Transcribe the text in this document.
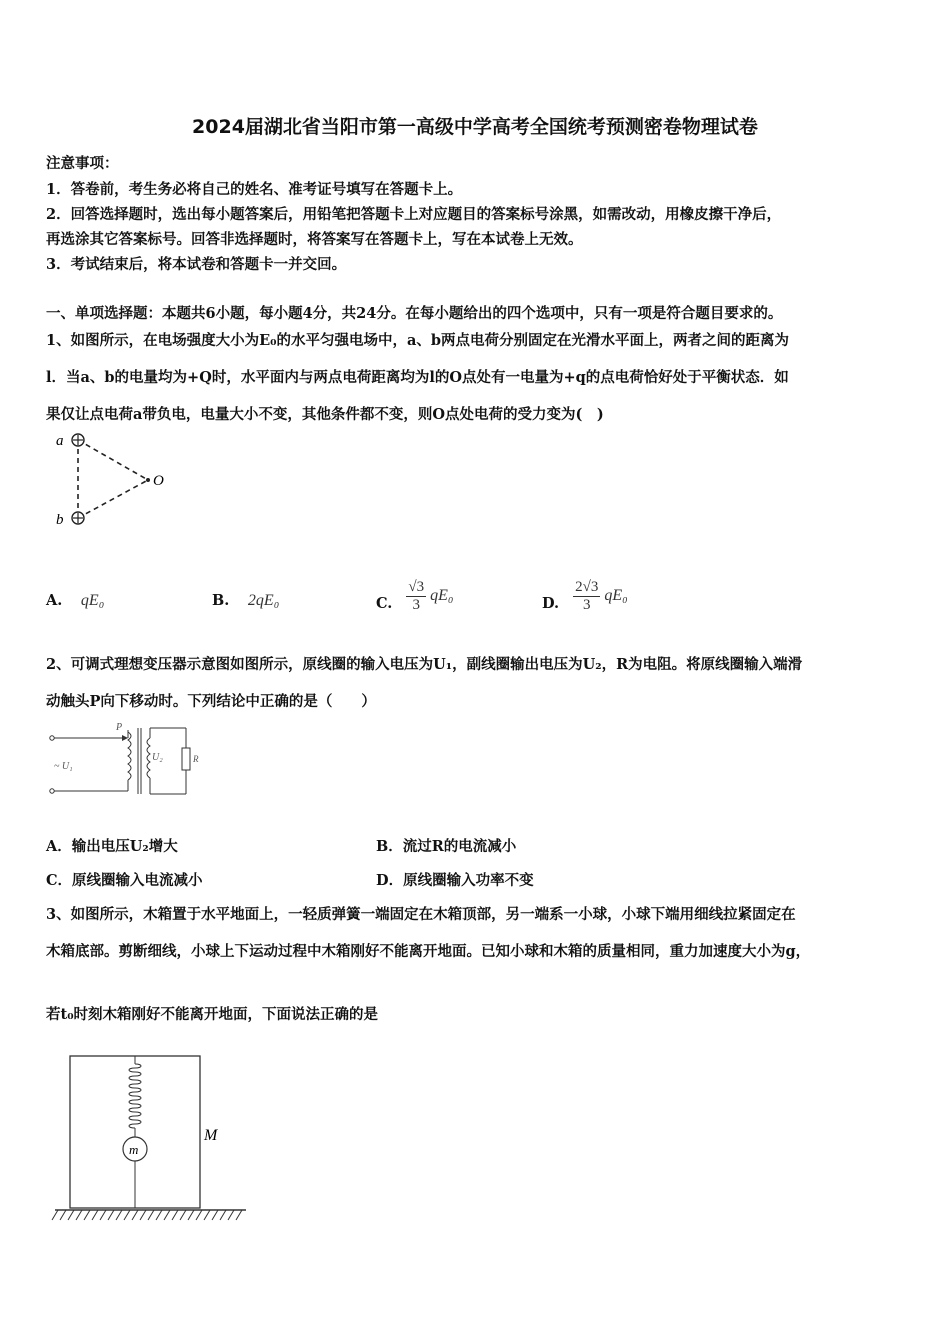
2024届湖北省当阳市第一高级中学高考全国统考预测密卷物理试卷
注意事项：
1．答卷前，考生务必将自己的姓名、准考证号填写在答题卡上。
2．回答选择题时，选出每小题答案后，用铅笔把答题卡上对应题目的答案标号涂黑，如需改动，用橡皮擦干净后，
再选涂其它答案标号。回答非选择题时，将答案写在答题卡上，写在本试卷上无效。
3．考试结束后，将本试卷和答题卡一并交回。
一、单项选择题：本题共6小题，每小题4分，共24分。在每小题给出的四个选项中，只有一项是符合题目要求的。
1、如图所示，在电场强度大小为E₀的水平匀强电场中，a、b两点电荷分别固定在光滑水平面上，两者之间的距离为
l．当a、b的电量均为+Q时，水平面内与两点电荷距离均为l的O点处有一电量为+q的点电荷恰好处于平衡状态．如
果仅让点电荷a带负电，电量大小不变，其他条件都不变，则O点处电荷的受力变为(　)
a
b
O
A. qE₀	B. 2qE₀	C. $\frac{√3}{3} qE_0$	D. $\frac{2√3}{3} qE_0$
2、可调式理想变压器示意图如图所示，原线圈的输入电压为U₁，副线圈输出电压为U₂，R为电阻。将原线圈输入端滑
动触头P向下移动时。下列结论中正确的是（　　）
P
~ U₁
U₂	R
A．输出电压U₂增大	B．流过R的电流减小
C．原线圈输入电流减小	D．原线圈输入功率不变
3、如图所示，木箱置于水平地面上，一轻质弹簧一端固定在木箱顶部，另一端系一小球，小球下端用细线拉紧固定在
木箱底部。剪断细线，小球上下运动过程中木箱刚好不能离开地面。已知小球和木箱的质量相同，重力加速度大小为g，
若t₀时刻木箱刚好不能离开地面，下面说法正确的是
m
M
